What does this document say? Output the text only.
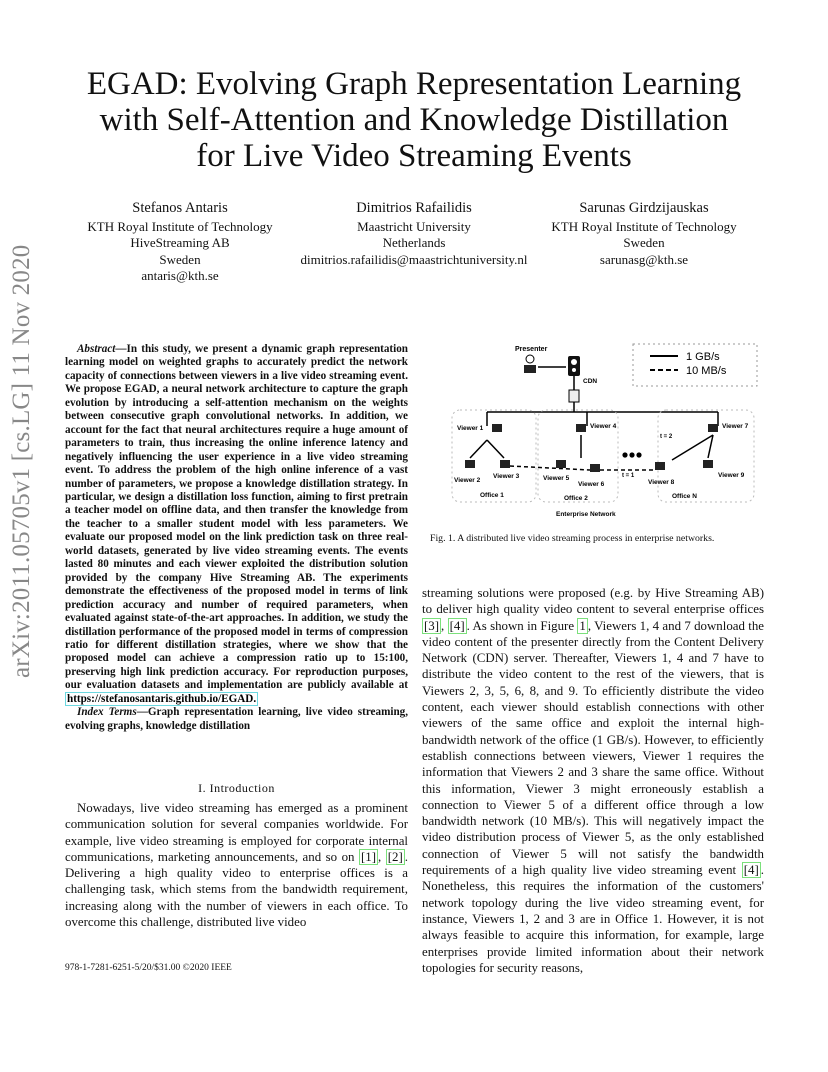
EGAD: Evolving Graph Representation Learning
with Self-Attention and Knowledge Distillation
for Live Video Streaming Events
Stefanos Antaris
KTH Royal Institute of Technology
HiveStreaming AB
Sweden
antaris@kth.se
Dimitrios Rafailidis
Maastricht University
Netherlands
dimitrios.rafailidis@maastrichtuniversity.nl
Sarunas Girdzijauskas
KTH Royal Institute of Technology
Sweden
sarunasg@kth.se
arXiv:2011.05705v1 [cs.LG] 11 Nov 2020	Abstract—In this study, we present a dynamic graph representation learning model on weighted graphs to accurately predict the network capacity of connections between viewers in a live video streaming event. We propose EGAD, a neural network architecture to capture the graph evolution by introducing a self-attention mechanism on the weights between consecutive graph convolutional networks. In addition, we account for the fact that neural architectures require a huge amount of parameters to train, thus increasing the online inference latency and negatively influencing the user experience in a live video streaming event. To address the problem of the high online inference of a vast number of parameters, we propose a knowledge distillation strategy. In particular, we design a distillation loss function, aiming to first pretrain a teacher model on offline data, and then transfer the knowledge from the teacher to a smaller student model with less parameters. We evaluate our proposed model on the link prediction task on three real-world datasets, generated by live video streaming events. The events lasted 80 minutes and each viewer exploited the distribution solution provided by the company Hive Streaming AB. The experiments demonstrate the effectiveness of the proposed model in terms of link prediction accuracy and number of required parameters, when evaluated against state-of-the-art approaches. In addition, we study the distillation performance of the proposed model in terms of compression ratio for different distillation strategies, where we show that the proposed model can achieve a compression ratio up to 15:100, preserving high link prediction accuracy. For reproduction purposes, our evaluation datasets and implementation are publicly available at https://stefanosantaris.github.io/EGAD.

Index Terms—Graph representation learning, live video streaming, evolving graphs, knowledge distillation

I. Introduction

Nowadays, live video streaming has emerged as a prominent communication solution for several companies worldwide. For example, live video streaming is employed for corporate internal communications, marketing announcements, and so on [1] , [2] . Delivering a high quality video to enterprise offices is a challenging task, which stems from the bandwidth requirement, increasing along with the number of viewers in each office. To overcome this challenge, distributed live video

streaming solutions were proposed (e.g. by Hive Streaming AB) to deliver high quality video content to several enterprise offices [3] , [4] . As shown in Figure 1 , Viewers 1, 4 and 7 download the video content of the presenter directly from the Content Delivery Network (CDN) server. Thereafter, Viewers 1, 4 and 7 have to distribute the video content to the rest of the viewers, that is Viewers 2, 3, 5, 6, 8, and 9. To efficiently distribute the video content, each viewer should establish connections with other viewers of the same office and exploit the internal high-bandwidth network of the office (1 GB/s). However, to efficiently establish connections between viewers, Viewer 1 requires the information that Viewers 2 and 3 share the same office. Without this information, Viewer 3 might erroneously establish a connection to Viewer 5 of a different office through a low bandwidth network (10 MB/s). This will negatively impact the video distribution process of Viewer 5, as the only established connection of Viewer 5 will not satisfy the bandwidth requirements of a high quality live video streaming event [4] . Nonetheless, this requires the information of the customers' network topology during the live video streaming event, for instance, Viewers 1, 2 and 3 are in Office 1. However, it is not always feasible to acquire this information, for example, large enterprises provide limited information about their network topologies for security reasons,

978-1-7281-6251-5/20/$31.00 ©2020 IEEE
1 GB/s
10 MB/s
Presenter
CDN
Viewer 1
Viewer 2
Viewer 3
Office 1
Viewer 4
Viewer 5
Viewer 6
Office 2
t = 1
Viewer 7
t = 2
Viewer 8
Viewer 9
Office N
Enterprise Network
Fig. 1. A distributed live video streaming process in enterprise networks.
